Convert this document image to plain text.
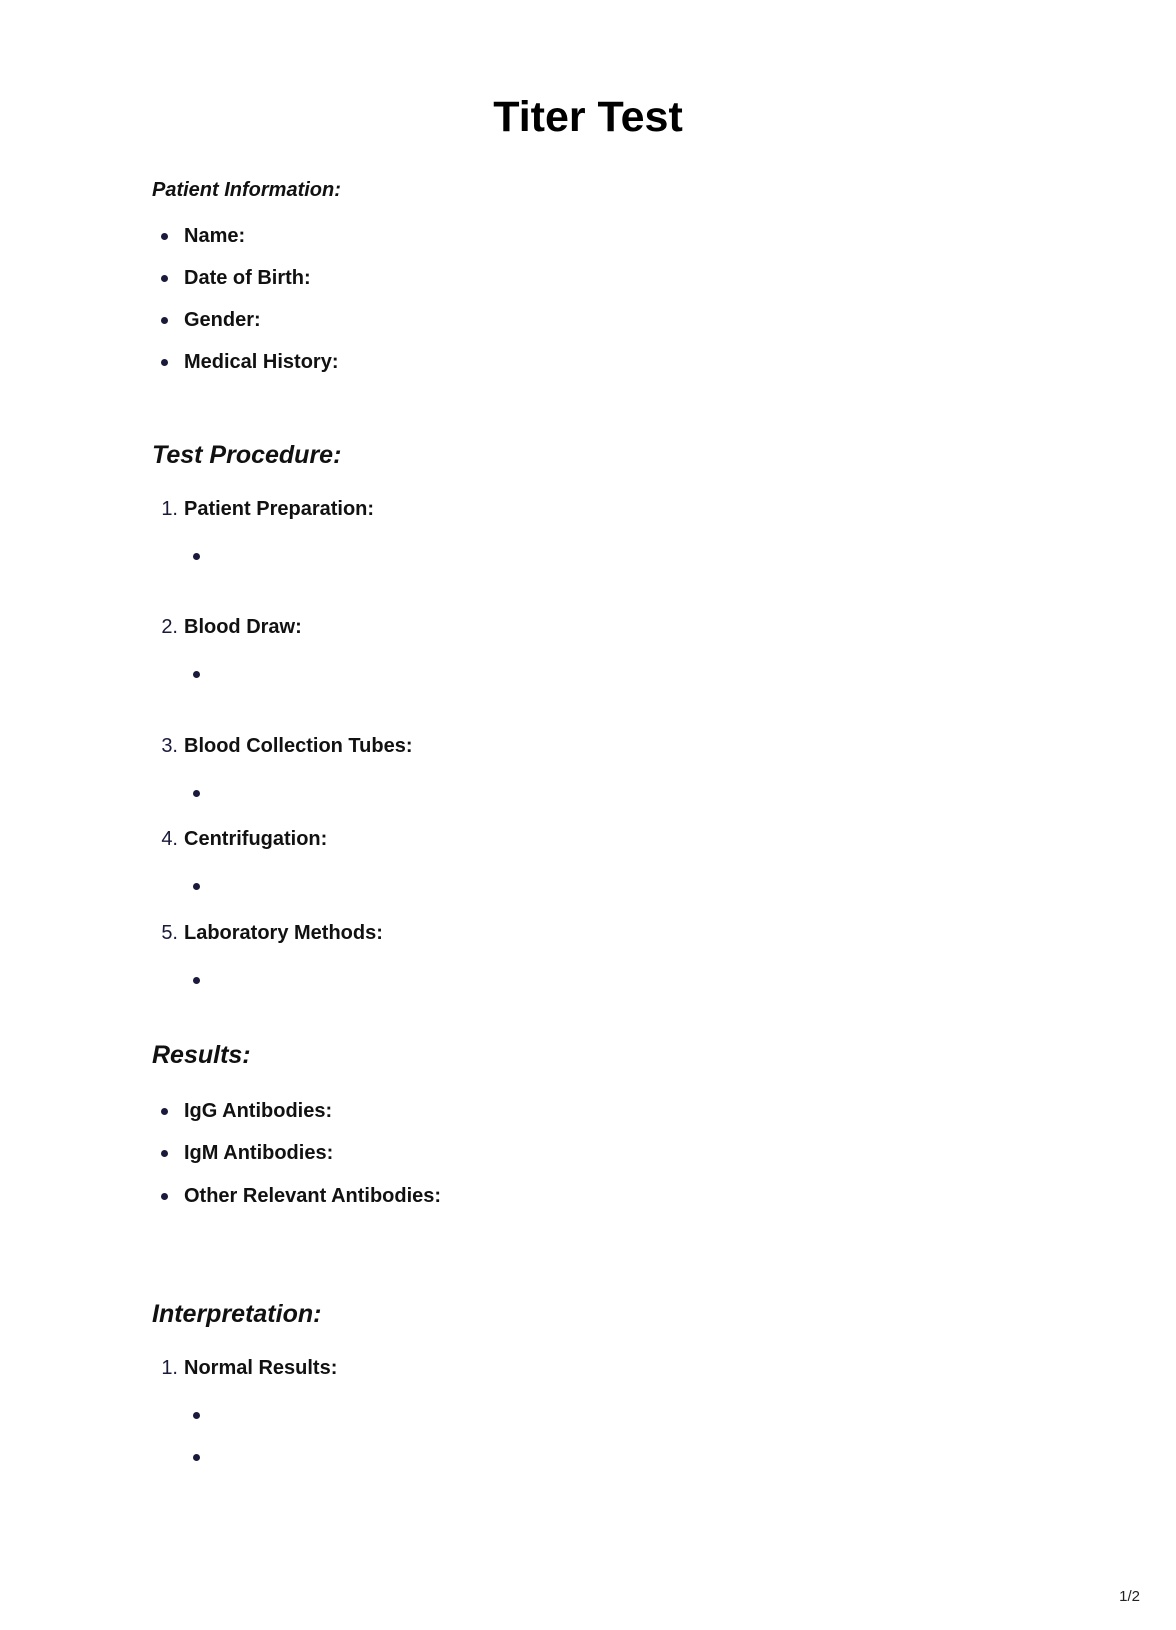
Titer Test
Patient Information:
Name:
Date of Birth:
Gender:
Medical History:
Test Procedure:
1. Patient Preparation:
2. Blood Draw:
3. Blood Collection Tubes:
4. Centrifugation:
5. Laboratory Methods:
Results:
IgG Antibodies:
IgM Antibodies:
Other Relevant Antibodies:
Interpretation:
1. Normal Results:
1/2
